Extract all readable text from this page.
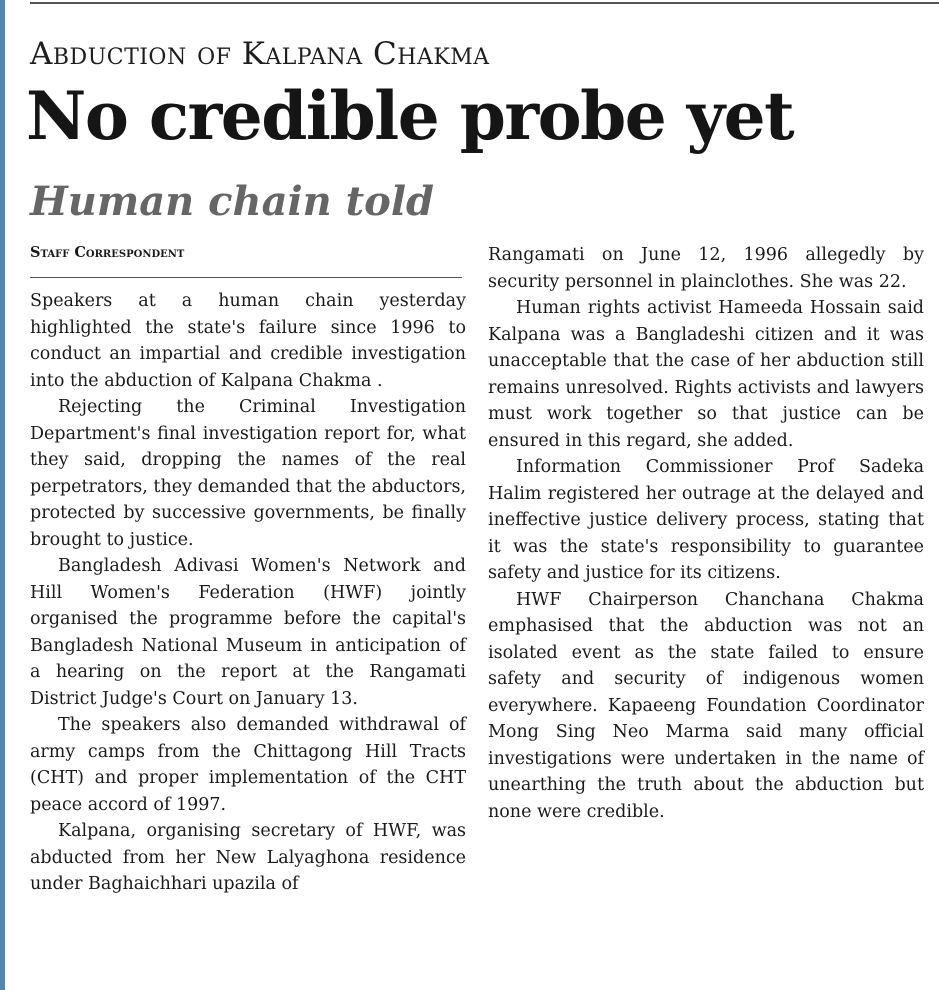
Abduction of Kalpana Chakma
No credible probe yet
Human chain told
Staff Correspondent

Speakers at a human chain yesterday highlighted the state's failure since 1996 to conduct an impartial and credible investigation into the abduction of Kalpana Chakma .

Rejecting the Criminal Investigation Department's final investigation report for, what they said, dropping the names of the real perpetrators, they demanded that the abductors, protected by successive governments, be finally brought to justice.

Bangladesh Adivasi Women's Network and Hill Women's Federation (HWF) jointly organised the programme before the capital's Bangladesh National Museum in anticipation of a hearing on the report at the Rangamati District Judge's Court on January 13.

The speakers also demanded withdrawal of army camps from the Chittagong Hill Tracts (CHT) and proper implementation of the CHT peace accord of 1997.

Kalpana, organising secretary of HWF, was abducted from her New Lalyaghona residence under Baghaichhari upazila of

Rangamati on June 12, 1996 allegedly by security personnel in plainclothes. She was 22.

Human rights activist Hameeda Hossain said Kalpana was a Bangladeshi citizen and it was unacceptable that the case of her abduction still remains unresolved. Rights activists and lawyers must work together so that justice can be ensured in this regard, she added.

Information Commissioner Prof Sadeka Halim registered her outrage at the delayed and ineffective justice delivery process, stating that it was the state's responsibility to guarantee safety and justice for its citizens.

HWF Chairperson Chanchana Chakma emphasised that the abduction was not an isolated event as the state failed to ensure safety and security of indigenous women everywhere. Kapaeeng Foundation Coordinator Mong Sing Neo Marma said many official investigations were undertaken in the name of unearthing the truth about the abduction but none were credible.
